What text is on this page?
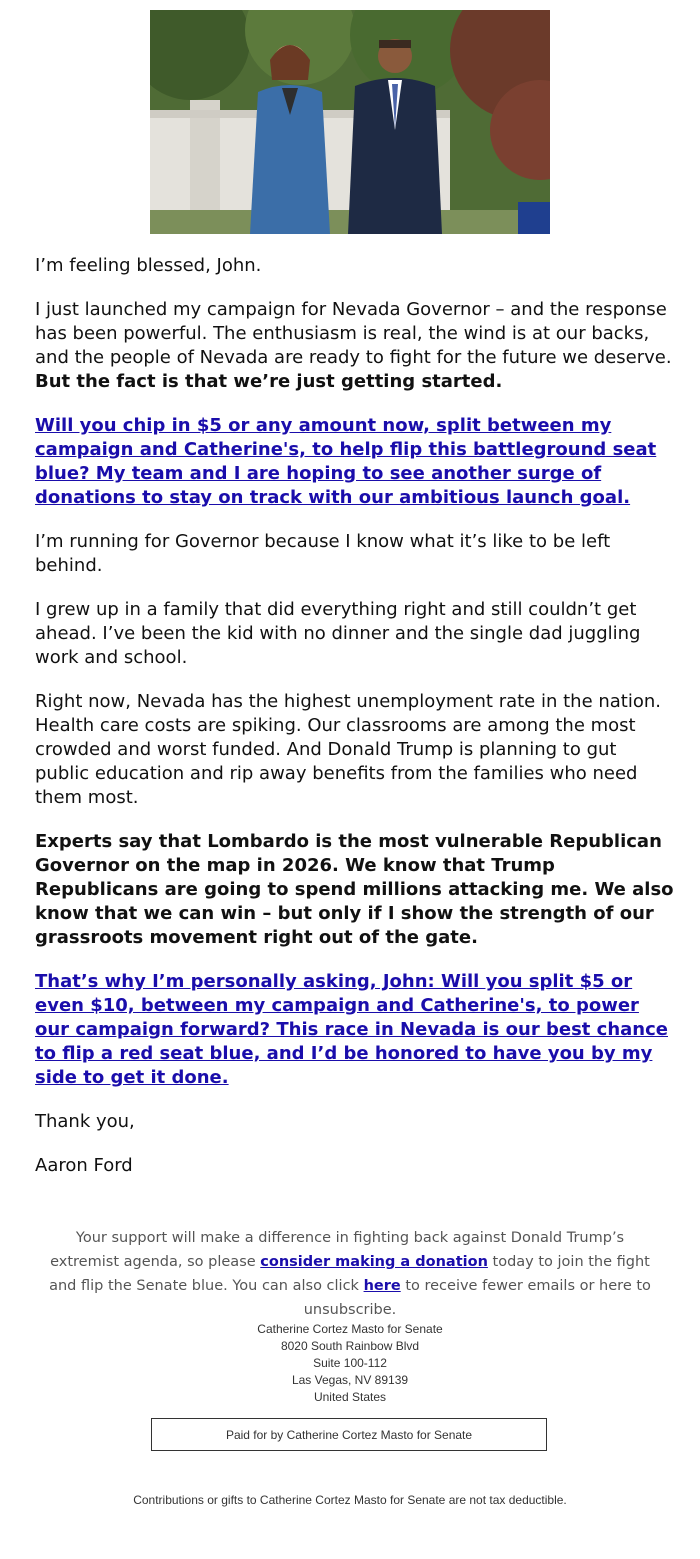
I’m feeling blessed, John.

I just launched my campaign for Nevada Governor – and the response has been powerful. The enthusiasm is real, the wind is at our backs, and the people of Nevada are ready to fight for the future we deserve. But the fact is that we’re just getting started.

Will you chip in $5 or any amount now, split between my campaign and Catherine's, to help flip this battleground seat blue? My team and I are hoping to see another surge of donations to stay on track with our ambitious launch goal.

I’m running for Governor because I know what it’s like to be left behind.

I grew up in a family that did everything right and still couldn’t get ahead. I’ve been the kid with no dinner and the single dad juggling work and school.

Right now, Nevada has the highest unemployment rate in the nation. Health care costs are spiking. Our classrooms are among the most crowded and worst funded. And Donald Trump is planning to gut public education and rip away benefits from the families who need them most.

Experts say that Lombardo is the most vulnerable Republican Governor on the map in 2026. We know that Trump Republicans are going to spend millions attacking me. We also know that we can win – but only if I show the strength of our grassroots movement right out of the gate.

That’s why I’m personally asking, John: Will you split $5 or even $10, between my campaign and Catherine's, to power our campaign forward? This race in Nevada is our best chance to flip a red seat blue, and I’d be honored to have you by my side to get it done.

Thank you,

Aaron Ford

Your support will make a difference in fighting back against Donald Trump’s extremist agenda, so please consider making a donation today to join the fight and flip the Senate blue. You can also click here to receive fewer emails or here to unsubscribe.
Catherine Cortez Masto for Senate
8020 South Rainbow Blvd
Suite 100-112
Las Vegas, NV 89139
United States
Paid for by Catherine Cortez Masto for Senate
Contributions or gifts to Catherine Cortez Masto for Senate are not tax deductible.
